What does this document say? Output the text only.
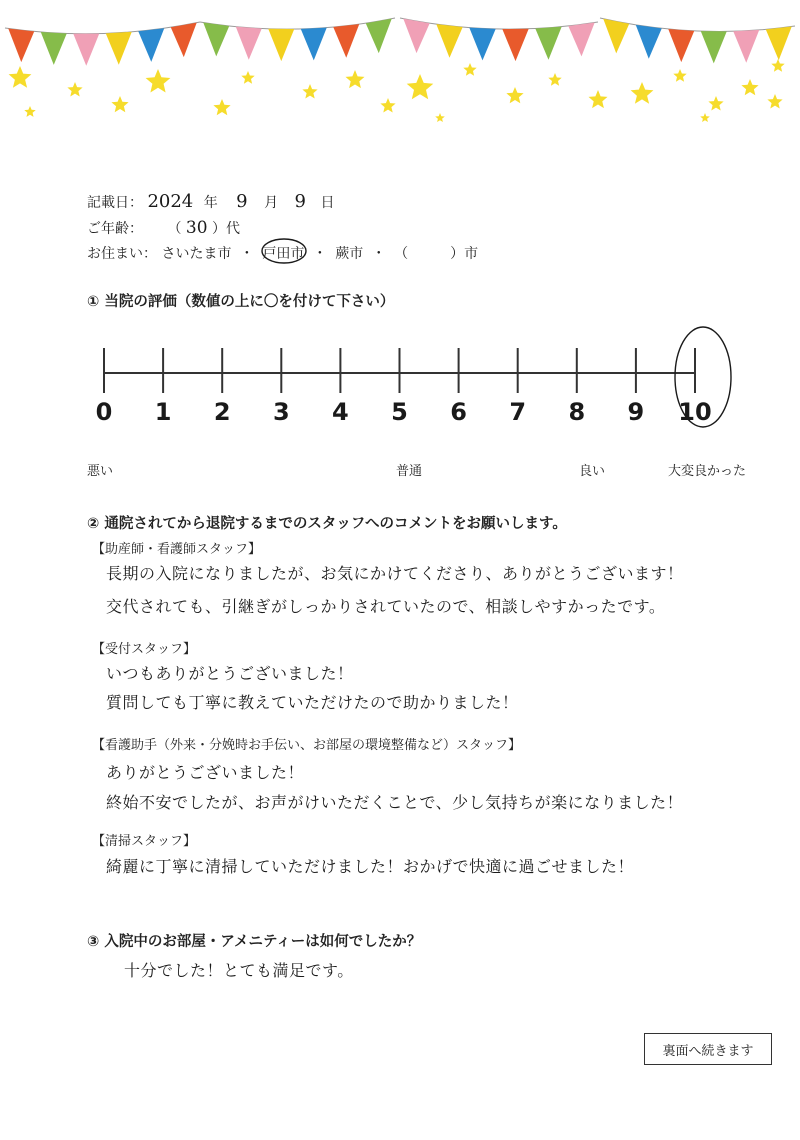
記載日： 2024 年 9 月 9 日
ご年齢： （ 30 ）代
お住まい： さいたま市 ・ 戸田市 ・ 蕨市 ・ （　　　）市
① 当院の評価（数値の上に〇を付けて下さい）
0 1 2 3 4 5 6 7 8 9 10
悪い	普通	良い	大変良かった
② 通院されてから退院するまでのスタッフへのコメントをお願いします。
【助産師・看護師スタッフ】
長期の入院になりましたが、お気にかけてくださり、ありがとうございます！
交代されても、引継ぎがしっかりされていたので、相談しやすかったです。
【受付スタッフ】
いつもありがとうございました！
質問しても丁寧に教えていただけたので助かりました！
【看護助手（外来・分娩時お手伝い、お部屋の環境整備など）スタッフ】
ありがとうございました！
終始不安でしたが、お声がけいただくことで、少し気持ちが楽になりました！
【清掃スタッフ】
綺麗に丁寧に清掃していただけました！おかげで快適に過ごせました！
③ 入院中のお部屋・アメニティーは如何でしたか？
十分でした！とても満足です。
裏面へ続きます
